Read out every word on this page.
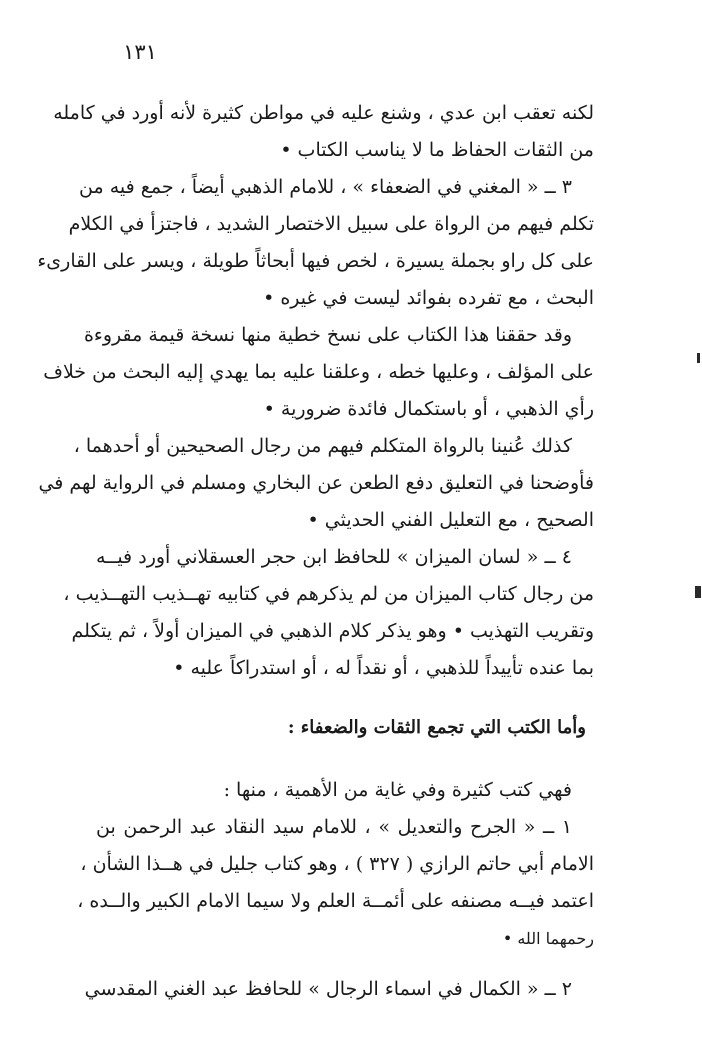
١٣١
لكنه تعقب ابن عدي ، وشنع عليه في مواطن كثيرة لأنه أورد في كامله
من الثقات الحفاظ ما لا يناسب الكتاب •
٣ ــ « المغني في الضعفاء » ، للامام الذهبي أيضاً ، جمع فيه من
تكلم فيهم من الرواة على سبيل الاختصار الشديد ، فاجتزأ في الكلام
على كل راو بجملة يسيرة ، لخص فيها أبحاثاً طويلة ، ويسر على القارىء
البحث ، مع تفرده بفوائد ليست في غيره •
وقد حققنا هذا الكتاب على نسخ خطية منها نسخة قيمة مقروءة
على المؤلف ، وعليها خطه ، وعلقنا عليه بما يهدي إليه البحث من خلاف
رأي الذهبي ، أو باستكمال فائدة ضرورية •
كذلك عُنينا بالرواة المتكلم فيهم من رجال الصحيحين أو أحدهما ،
فأوضحنا في التعليق دفع الطعن عن البخاري ومسلم في الرواية لهم في
الصحيح ، مع التعليل الفني الحديثي •
٤ ــ « لسان الميزان » للحافظ ابن حجر العسقلاني أورد فيــه
من رجال كتاب الميزان من لم يذكرهم في كتابيه تهــذيب التهــذيب ،
وتقريب التهذيب • وهو يذكر كلام الذهبي في الميزان أولاً ، ثم يتكلم
بما عنده تأييداً للذهبي ، أو نقداً له ، أو استدراكاً عليه •
وأما الكتب التي تجمع الثقات والضعفاء :
فهي كتب كثيرة وفي غاية من الأهمية ، منها :
١ ــ « الجرح والتعديل » ، للامام سيد النقاد عبد الرحمن بن
الامام أبي حاتم الرازي ( ٣٢٧ ) ، وهو كتاب جليل في هــذا الشأن ،
اعتمد فيــه مصنفه على أئمــة العلم ولا سيما الامام الكبير والــده ،
رحمهما الله •
٢ ــ « الكمال في اسماء الرجال » للحافظ عبد الغني المقدسي
